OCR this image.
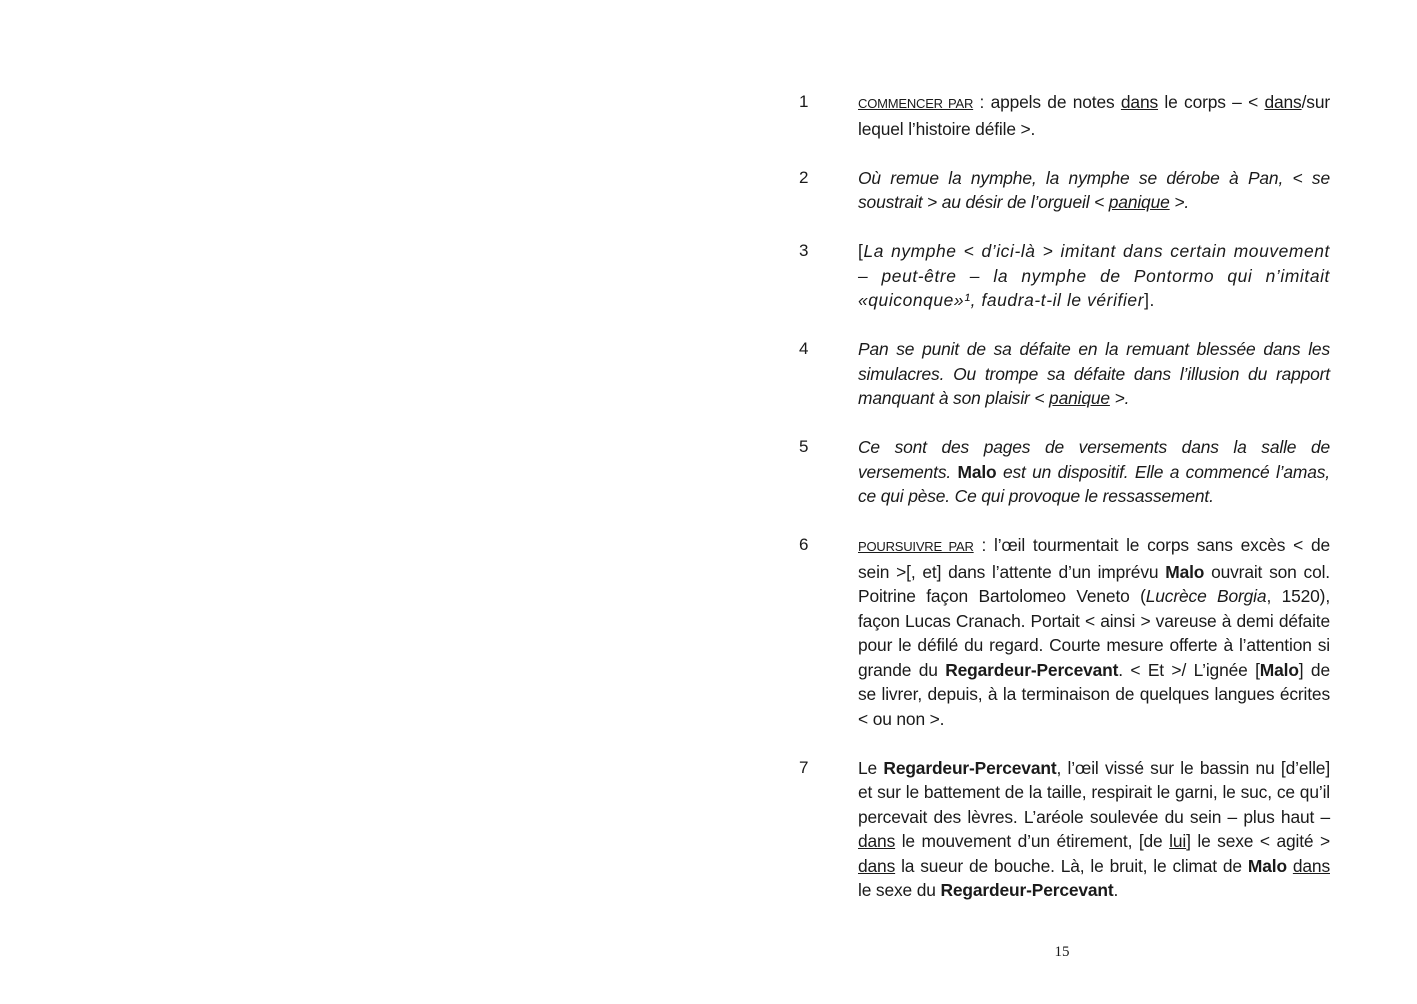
1	COMMENCER PAR : appels de notes dans le corps – < dans/sur lequel l’histoire défile >.
2	Où remue la nymphe, la nymphe se dérobe à Pan, < se soustrait > au désir de l’orgueil < panique >.
3	[La nymphe < d’ici-là > imitant dans certain mouvement – peut-être – la nymphe de Pontormo qui n’imitait «quiconque»¹, faudra-t-il le vérifier].
4	Pan se punit de sa défaite en la remuant blessée dans les simulacres. Ou trompe sa défaite dans l’illusion du rapport manquant à son plaisir < panique >.
5	Ce sont des pages de versements dans la salle de versements. Malo est un dispositif. Elle a commencé l’amas, ce qui pèse. Ce qui provoque le ressassement.
6	POURSUIVRE PAR : l’œil tourmentait le corps sans excès < de sein >[, et] dans l’attente d’un imprévu Malo ouvrait son col. Poitrine façon Bartolomeo Veneto (Lucrèce Borgia, 1520), façon Lucas Cranach. Portait < ainsi > vareuse à demi défaite pour le défilé du regard. Courte mesure offerte à l’attention si grande du Regardeur-Percevant. < Et >/ L’ignée [Malo] de se livrer, depuis, à la terminaison de quelques langues écrites < ou non >.
7	Le Regardeur-Percevant, l’œil vissé sur le bassin nu [d’elle] et sur le battement de la taille, respirait le garni, le suc, ce qu’il percevait des lèvres. L’aréole soulevée du sein – plus haut – dans le mouvement d’un étirement, [de lui] le sexe < agité > dans la sueur de bouche. Là, le bruit, le climat de Malo dans le sexe du Regardeur-Percevant.
15
